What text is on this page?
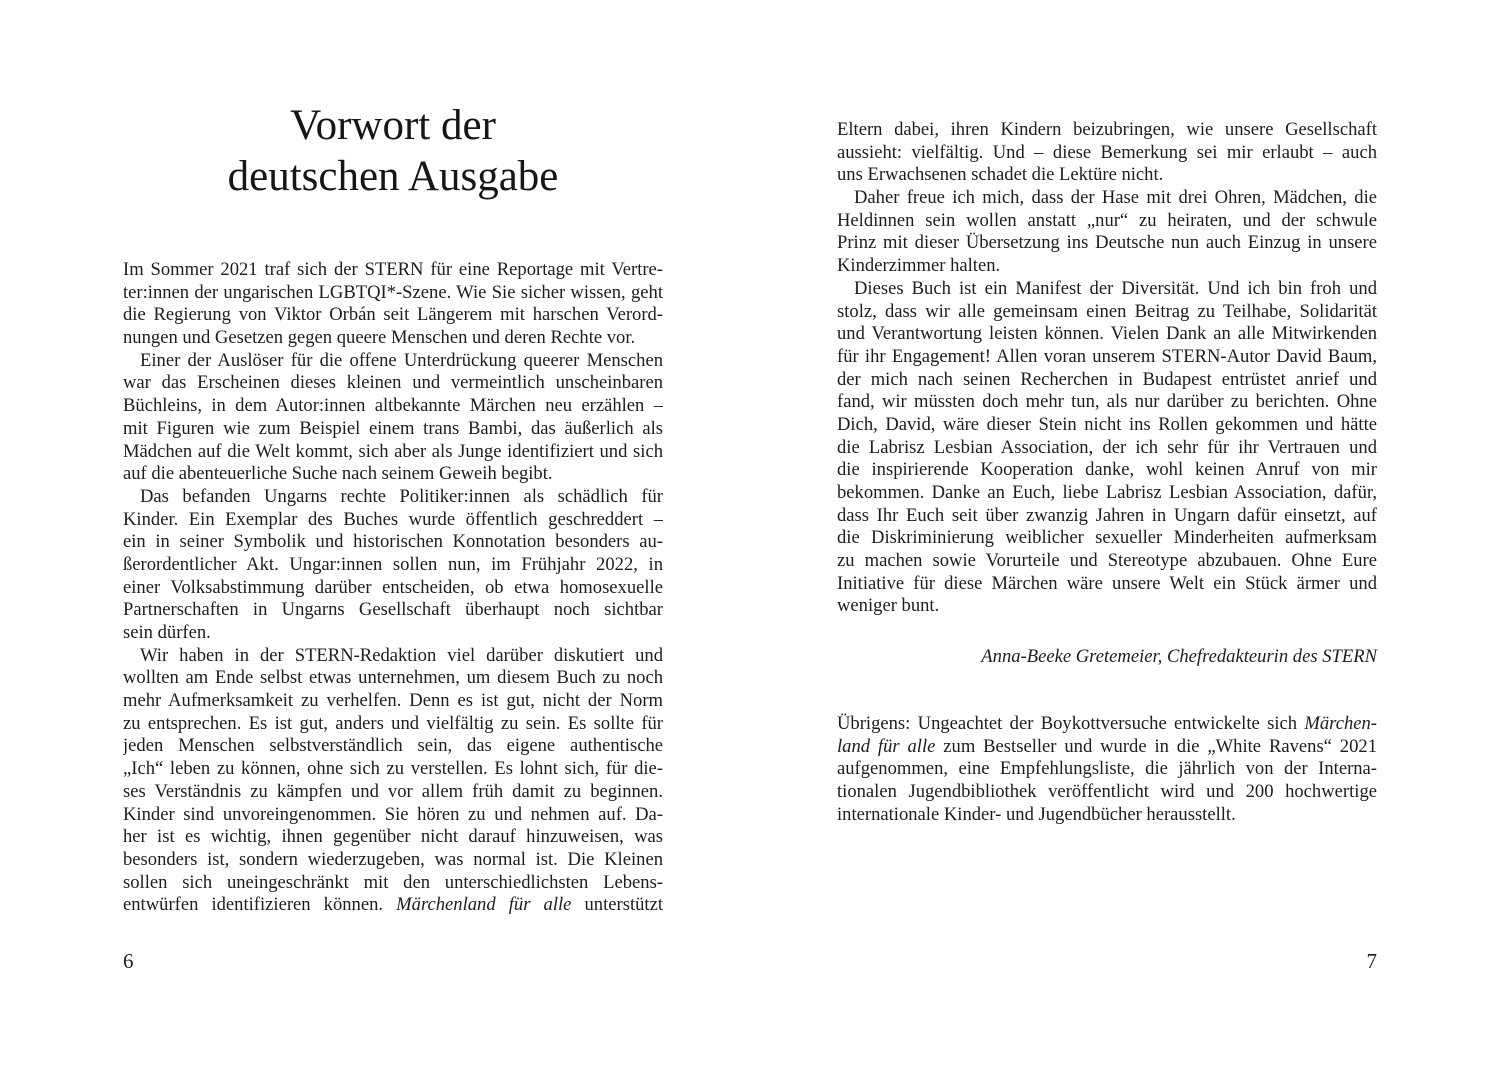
Vorwort der
deutschen Ausgabe
Im Sommer 2021 traf sich der STERN für eine Reportage mit Vertre-
ter:innen der ungarischen LGBTQI*-Szene. Wie Sie sicher wissen, geht
die Regierung von Viktor Orbán seit Längerem mit harschen Verord-
nungen und Gesetzen gegen queere Menschen und deren Rechte vor.
Einer der Auslöser für die offene Unterdrückung queerer Menschen
war das Erscheinen dieses kleinen und vermeintlich unscheinbaren
Büchleins, in dem Autor:innen altbekannte Märchen neu erzählen –
mit Figuren wie zum Beispiel einem trans Bambi, das äußerlich als
Mädchen auf die Welt kommt, sich aber als Junge identifiziert und sich
auf die abenteuerliche Suche nach seinem Geweih begibt.
Das befanden Ungarns rechte Politiker:innen als schädlich für
Kinder. Ein Exemplar des Buches wurde öffentlich geschreddert –
ein in seiner Symbolik und historischen Konnotation besonders au-
ßerordentlicher Akt. Ungar:innen sollen nun, im Frühjahr 2022, in
einer Volksabstimmung darüber entscheiden, ob etwa homosexuelle
Partnerschaften in Ungarns Gesellschaft überhaupt noch sichtbar
sein dürfen.
Wir haben in der STERN-Redaktion viel darüber diskutiert und
wollten am Ende selbst etwas unternehmen, um diesem Buch zu noch
mehr Aufmerksamkeit zu verhelfen. Denn es ist gut, nicht der Norm
zu entsprechen. Es ist gut, anders und vielfältig zu sein. Es sollte für
jeden Menschen selbstverständlich sein, das eigene authentische
„Ich“ leben zu können, ohne sich zu verstellen. Es lohnt sich, für die-
ses Verständnis zu kämpfen und vor allem früh damit zu beginnen.
Kinder sind unvoreingenommen. Sie hören zu und nehmen auf. Da-
her ist es wichtig, ihnen gegenüber nicht darauf hinzuweisen, was
besonders ist, sondern wiederzugeben, was normal ist. Die Kleinen
sollen sich uneingeschränkt mit den unterschiedlichsten Lebens-
entwürfen identifizieren können. Märchenland für alle unterstützt
6
Eltern dabei, ihren Kindern beizubringen, wie unsere Gesellschaft
aussieht: vielfältig. Und – diese Bemerkung sei mir erlaubt – auch
uns Erwachsenen schadet die Lektüre nicht.
Daher freue ich mich, dass der Hase mit drei Ohren, Mädchen, die
Heldinnen sein wollen anstatt „nur“ zu heiraten, und der schwule
Prinz mit dieser Übersetzung ins Deutsche nun auch Einzug in unsere
Kinderzimmer halten.
Dieses Buch ist ein Manifest der Diversität. Und ich bin froh und
stolz, dass wir alle gemeinsam einen Beitrag zu Teilhabe, Solidarität
und Verantwortung leisten können. Vielen Dank an alle Mitwirkenden
für ihr Engagement! Allen voran unserem STERN-Autor David Baum,
der mich nach seinen Recherchen in Budapest entrüstet anrief und
fand, wir müssten doch mehr tun, als nur darüber zu berichten. Ohne
Dich, David, wäre dieser Stein nicht ins Rollen gekommen und hätte
die Labrisz Lesbian Association, der ich sehr für ihr Vertrauen und
die inspirierende Kooperation danke, wohl keinen Anruf von mir
bekommen. Danke an Euch, liebe Labrisz Lesbian Association, dafür,
dass Ihr Euch seit über zwanzig Jahren in Ungarn dafür einsetzt, auf
die Diskriminierung weiblicher sexueller Minderheiten aufmerksam
zu machen sowie Vorurteile und Stereotype abzubauen. Ohne Eure
Initiative für diese Märchen wäre unsere Welt ein Stück ärmer und
weniger bunt.
Anna-Beeke Gretemeier, Chefredakteurin des STERN
Übrigens: Ungeachtet der Boykottversuche entwickelte sich Märchen-
land für alle zum Bestseller und wurde in die „White Ravens“ 2021
aufgenommen, eine Empfehlungsliste, die jährlich von der Interna-
tionalen Jugendbibliothek veröffentlicht wird und 200 hochwertige
internationale Kinder- und Jugendbücher herausstellt.
7
